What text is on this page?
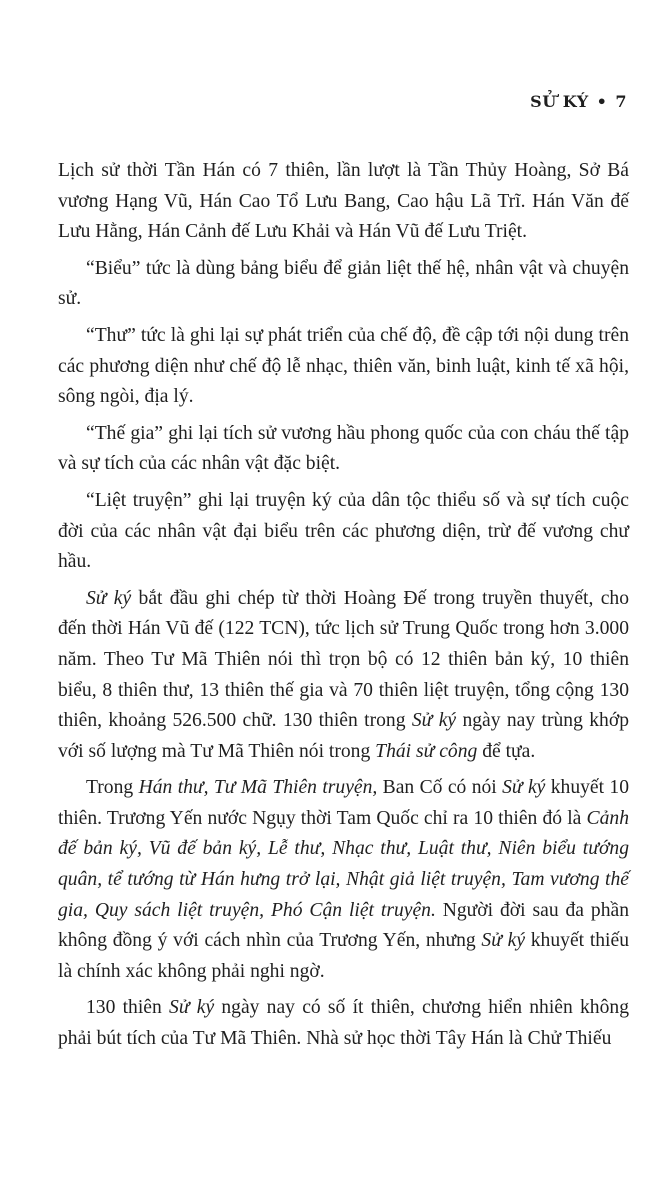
SỬ KÝ • 7

Lịch sử thời Tần Hán có 7 thiên, lần lượt là Tần Thủy Hoàng, Sở Bá vương Hạng Vũ, Hán Cao Tổ Lưu Bang, Cao hậu Lã Trĩ. Hán Văn đế Lưu Hằng, Hán Cảnh đế Lưu Khải và Hán Vũ đế Lưu Triệt.

“Biểu” tức là dùng bảng biểu để giản liệt thế hệ, nhân vật và chuyện sử.

“Thư” tức là ghi lại sự phát triển của chế độ, đề cập tới nội dung trên các phương diện như chế độ lễ nhạc, thiên văn, binh luật, kinh tế xã hội, sông ngòi, địa lý.

“Thế gia” ghi lại tích sử vương hầu phong quốc của con cháu thế tập và sự tích của các nhân vật đặc biệt.

“Liệt truyện” ghi lại truyện ký của dân tộc thiểu số và sự tích cuộc đời của các nhân vật đại biểu trên các phương diện, trừ đế vương chư hầu.

Sử ký bắt đầu ghi chép từ thời Hoàng Đế trong truyền thuyết, cho đến thời Hán Vũ đế (122 TCN), tức lịch sử Trung Quốc trong hơn 3.000 năm. Theo Tư Mã Thiên nói thì trọn bộ có 12 thiên bản ký, 10 thiên biểu, 8 thiên thư, 13 thiên thế gia và 70 thiên liệt truyện, tổng cộng 130 thiên, khoảng 526.500 chữ. 130 thiên trong Sử ký ngày nay trùng khớp với số lượng mà Tư Mã Thiên nói trong Thái sử công để tựa.

Trong Hán thư, Tư Mã Thiên truyện, Ban Cố có nói Sử ký khuyết 10 thiên. Trương Yến nước Ngụy thời Tam Quốc chỉ ra 10 thiên đó là Cảnh đế bản ký, Vũ đế bản ký, Lễ thư, Nhạc thư, Luật thư, Niên biểu tướng quân, tể tướng từ Hán hưng trở lại, Nhật giả liệt truyện, Tam vương thế gia, Quy sách liệt truyện, Phó Cận liệt truyện. Người đời sau đa phần không đồng ý với cách nhìn của Trương Yến, nhưng Sử ký khuyết thiếu là chính xác không phải nghi ngờ.

130 thiên Sử ký ngày nay có số ít thiên, chương hiển nhiên không phải bút tích của Tư Mã Thiên. Nhà sử học thời Tây Hán là Chử Thiếu
